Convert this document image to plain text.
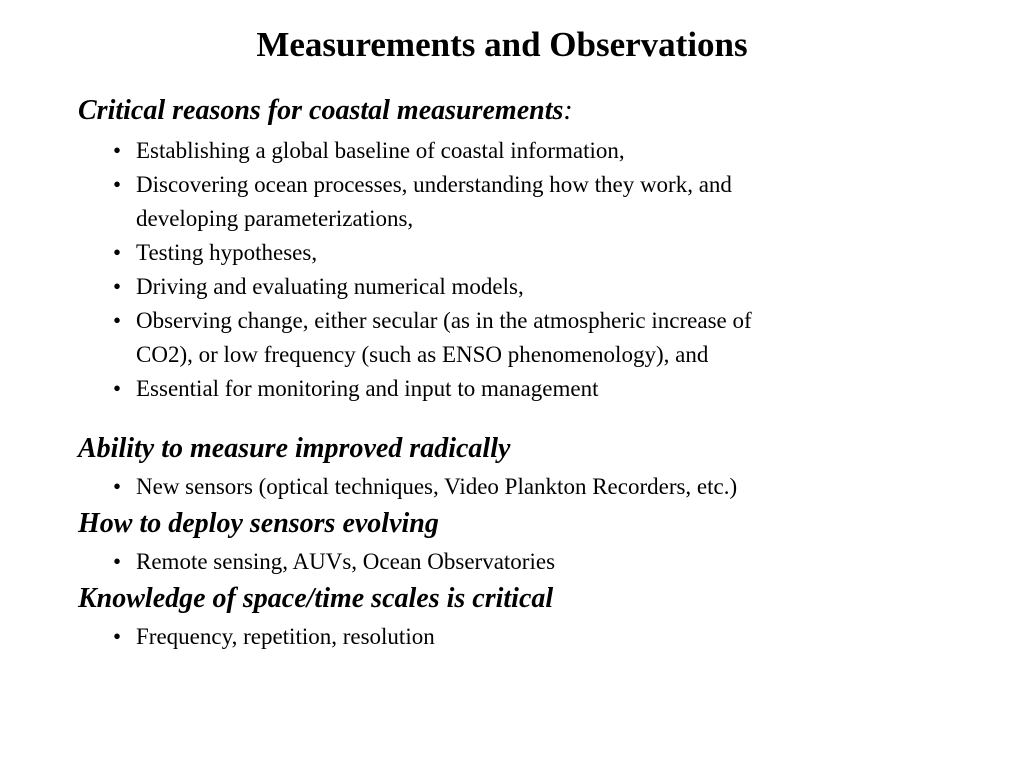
Measurements and Observations
Critical reasons for coastal measurements:
• Establishing a global baseline of coastal information,
• Discovering ocean processes, understanding how they work, and
developing parameterizations,
• Testing hypotheses,
• Driving and evaluating numerical models,
• Observing change, either secular (as in the atmospheric increase of
CO2), or low frequency (such as ENSO phenomenology), and
• Essential for monitoring and input to management
Ability to measure improved radically
• New sensors (optical techniques, Video Plankton Recorders, etc.)
How to deploy sensors evolving
• Remote sensing, AUVs, Ocean Observatories
Knowledge of space/time scales is critical
• Frequency, repetition, resolution
